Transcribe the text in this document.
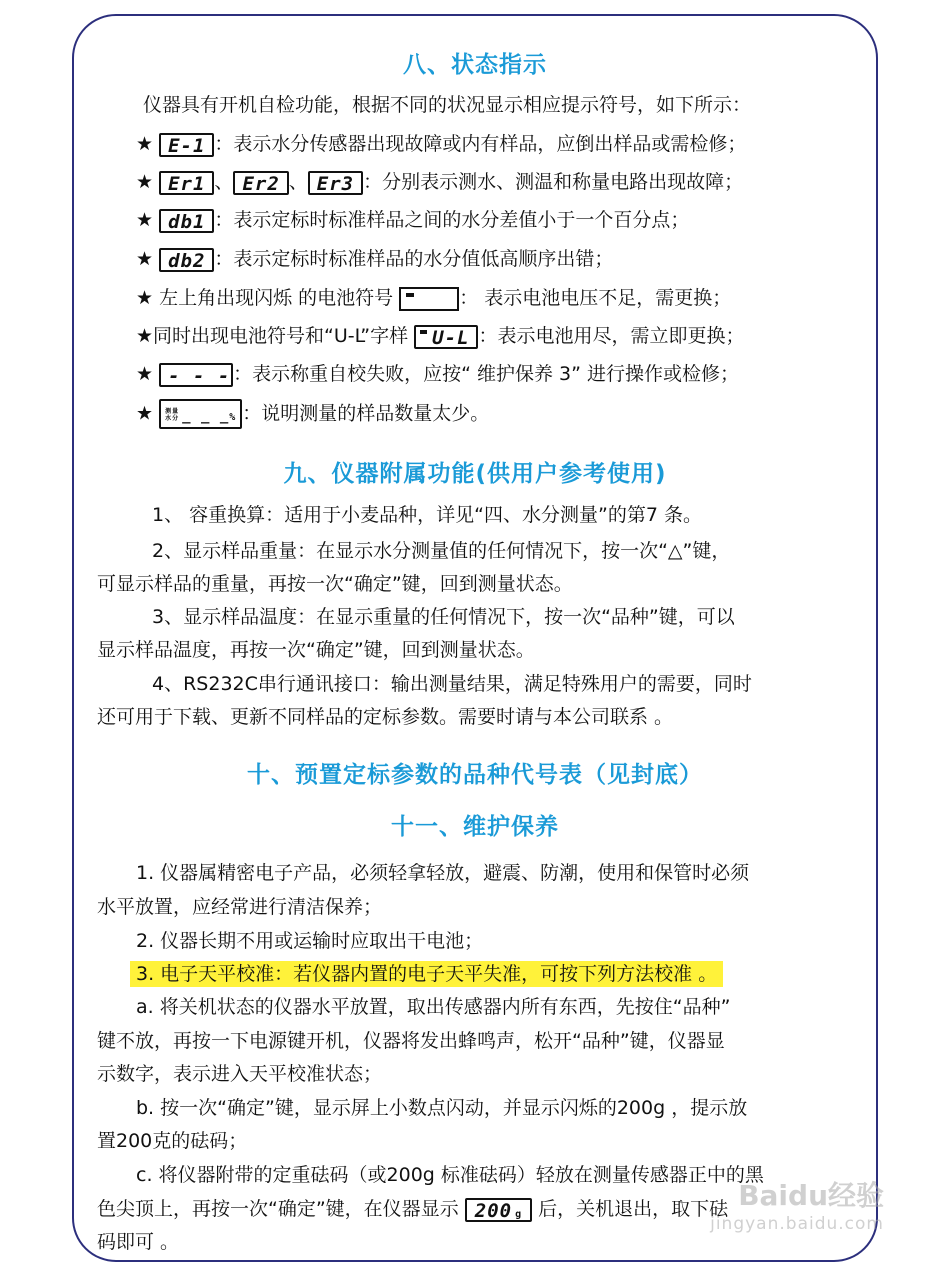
八、状态指示
仪器具有开机自检功能，根据不同的状况显示相应提示符号，如下所示：
★ E-1 ：表示水分传感器出现故障或内有样品，应倒出样品或需检修；
★ Er1 、 Er2 、 Er3 ：分别表示测水、测温和称量电路出现故障；
★ db1 ：表示定标时标准样品之间的水分差值小于一个百分点；
★ db2 ：表示定标时标准样品的水分值低高顺序出错；
★ 左上角出现闪烁 的电池符号	： 表示电池电压不足，需更换；
★同时出现电池符号和“U-L”字样 U-L ：表示电池用尽，需立即更换；
★ - - - ：表示称重自校失败，应按“ 维护保养 3” 进行操作或检修；
★ 测量
水分 _ _ _% ：说明测量的样品数量太少。
九、仪器附属功能(供用户参考使用)
1、 容重换算：适用于小麦品种，详见“四、水分测量”的第7 条。
2、显示样品重量：在显示水分测量值的任何情况下，按一次“△”键，
可显示样品的重量，再按一次“确定”键，回到测量状态。
3、显示样品温度：在显示重量的任何情况下，按一次“品种”键，可以
显示样品温度，再按一次“确定”键，回到测量状态。
4、RS232C串行通讯接口：输出测量结果，满足特殊用户的需要，同时
还可用于下载、更新不同样品的定标参数。需要时请与本公司联系 。
十、预置定标参数的品种代号表（见封底）
十一、维护保养
1. 仪器属精密电子产品，必须轻拿轻放，避震、防潮，使用和保管时必须
水平放置，应经常进行清洁保养；
2. 仪器长期不用或运输时应取出干电池；
3. 电子天平校准：若仪器内置的电子天平失准，可按下列方法校准 。
a. 将关机状态的仪器水平放置，取出传感器内所有东西，先按住“品种”
键不放，再按一下电源键开机，仪器将发出蜂鸣声，松开“品种”键，仪器显
示数字，表示进入天平校准状态；
b. 按一次“确定”键，显示屏上小数点闪动，并显示闪烁的200g ，提示放
置200克的砝码；
c. 将仪器附带的定重砝码（或200g 标准砝码）轻放在测量传感器正中的黑
色尖顶上，再按一次“确定”键，在仪器显示 200 g 后，关机退出，取下砝
码即可 。
Baidu经验
jingyan.baidu.com
